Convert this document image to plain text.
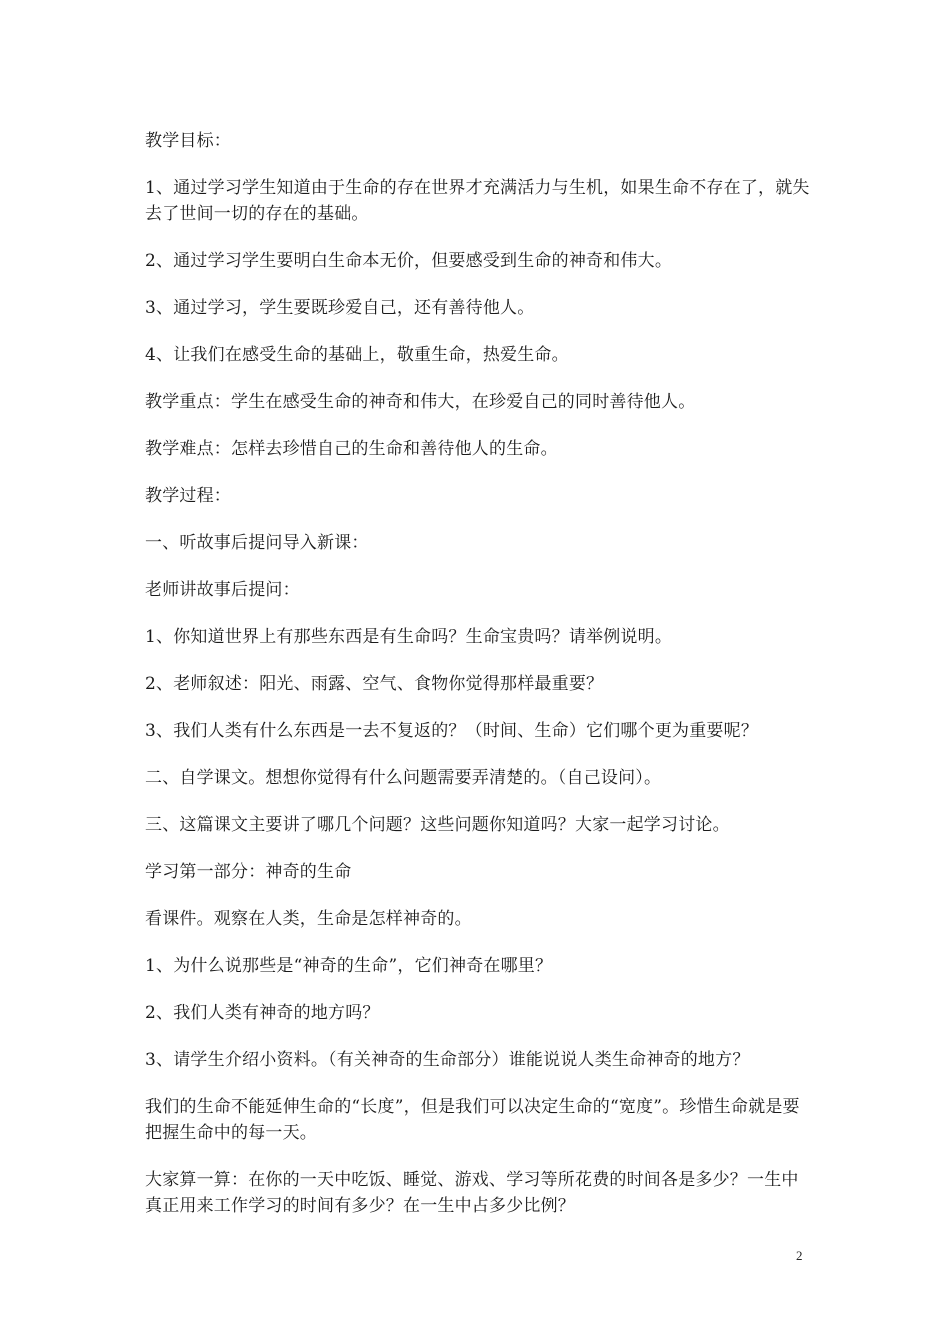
教学目标：

1、通过学习学生知道由于生命的存在世界才充满活力与生机，如果生命不存在了，就失去了世间一切的存在的基础。

2、通过学习学生要明白生命本无价，但要感受到生命的神奇和伟大。

3、通过学习，学生要既珍爱自己，还有善待他人。

4、让我们在感受生命的基础上，敬重生命，热爱生命。

教学重点：学生在感受生命的神奇和伟大，在珍爱自己的同时善待他人。

教学难点：怎样去珍惜自己的生命和善待他人的生命。

教学过程：

一、听故事后提问导入新课：

老师讲故事后提问：

1、你知道世界上有那些东西是有生命吗？生命宝贵吗？请举例说明。

2、老师叙述：阳光、雨露、空气、食物你觉得那样最重要？

3、我们人类有什么东西是一去不复返的？（时间、生命）它们哪个更为重要呢？

二、自学课文。想想你觉得有什么问题需要弄清楚的。（自己设问）。

三、这篇课文主要讲了哪几个问题？这些问题你知道吗？大家一起学习讨论。

学习第一部分：神奇的生命

看课件。观察在人类，生命是怎样神奇的。

1、为什么说那些是“神奇的生命”，它们神奇在哪里？

2、我们人类有神奇的地方吗？

3、请学生介绍小资料。（有关神奇的生命部分）谁能说说人类生命神奇的地方？

我们的生命不能延伸生命的“长度”，但是我们可以决定生命的“宽度”。珍惜生命就是要把握生命中的每一天。

大家算一算：在你的一天中吃饭、睡觉、游戏、学习等所花费的时间各是多少？一生中真正用来工作学习的时间有多少？在一生中占多少比例？

2
